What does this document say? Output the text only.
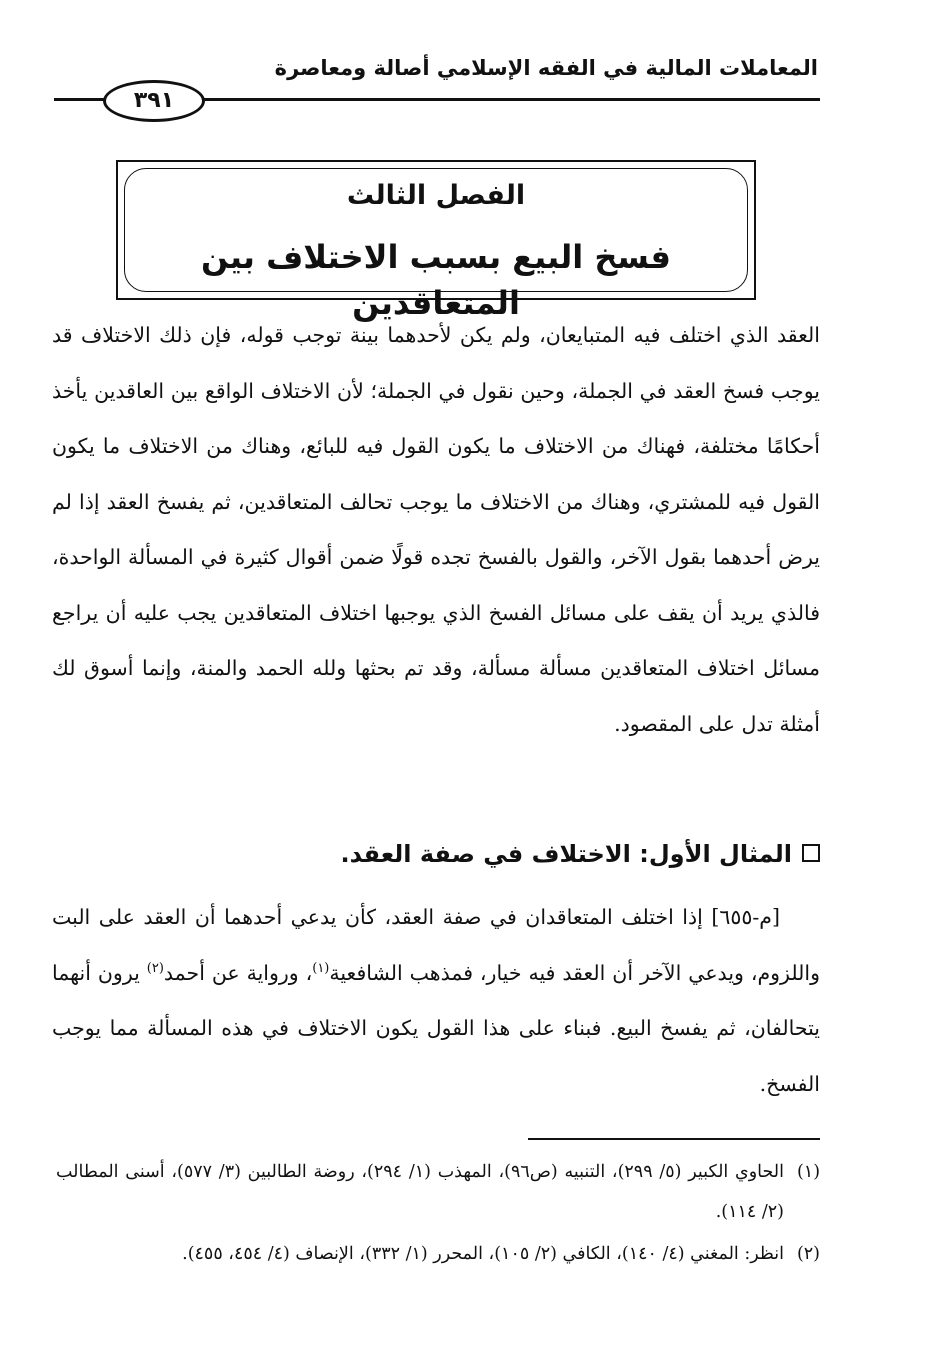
المعاملات المالية في الفقه الإسلامي أصالة ومعاصرة
٣٩١
الفصل الثالث
فسخ البيع بسبب الاختلاف بين المتعاقدين

العقد الذي اختلف فيه المتبايعان، ولم يكن لأحدهما بينة توجب قوله، فإن ذلك الاختلاف قد يوجب فسخ العقد في الجملة، وحين نقول في الجملة؛ لأن الاختلاف الواقع بين العاقدين يأخذ أحكامًا مختلفة، فهناك من الاختلاف ما يكون القول فيه للبائع، وهناك من الاختلاف ما يكون القول فيه للمشتري، وهناك من الاختلاف ما يوجب تحالف المتعاقدين، ثم يفسخ العقد إذا لم يرض أحدهما بقول الآخر، والقول بالفسخ تجده قولًا ضمن أقوال كثيرة في المسألة الواحدة، فالذي يريد أن يقف على مسائل الفسخ الذي يوجبها اختلاف المتعاقدين يجب عليه أن يراجع مسائل اختلاف المتعاقدين مسألة مسألة، وقد تم بحثها ولله الحمد والمنة، وإنما أسوق لك أمثلة تدل على المقصود.

المثال الأول: الاختلاف في صفة العقد.

[م-٦٥٥] إذا اختلف المتعاقدان في صفة العقد، كأن يدعي أحدهما أن العقد على البت واللزوم، ويدعي الآخر أن العقد فيه خيار، فمذهب الشافعية$^{(١)}$، ورواية عن أحمد$^{(٢)}$ يرون أنهما يتحالفان، ثم يفسخ البيع. فبناء على هذا القول يكون الاختلاف في هذه المسألة مما يوجب الفسخ.

(١)الحاوي الكبير (٥/ ٢٩٩)، التنبيه (ص٩٦)، المهذب (١/ ٢٩٤)، روضة الطالبين (٣/ ٥٧٧)، أسنى المطالب (٢/ ١١٤).

(٢)انظر: المغني (٤/ ١٤٠)، الكافي (٢/ ١٠٥)، المحرر (١/ ٣٣٢)، الإنصاف (٤/ ٤٥٤، ٤٥٥).
